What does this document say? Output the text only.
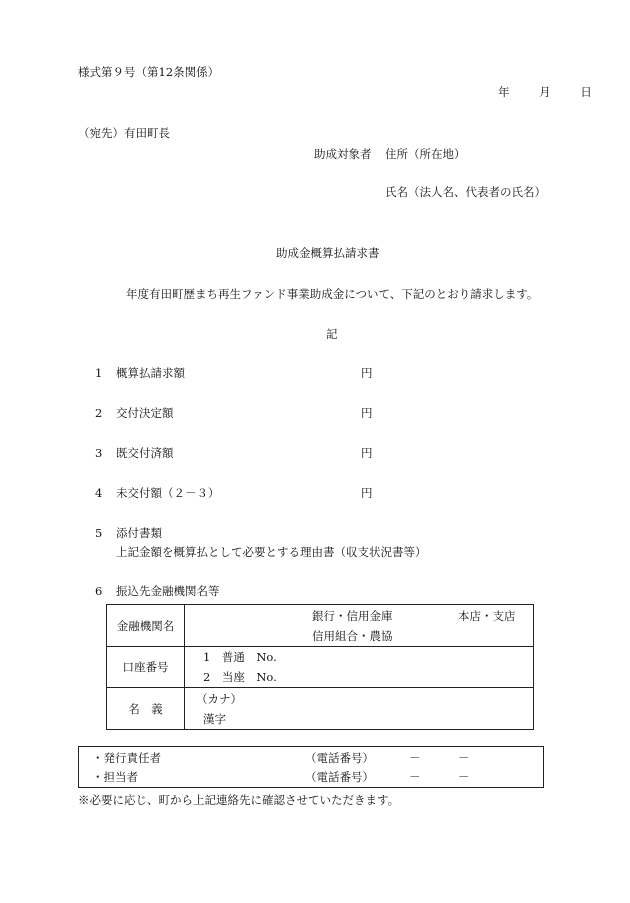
様式第９号（第12条関係）
年	月	日
（宛先）有田町長
助成対象者 住所（所在地）
氏名（法人名、代表者の氏名）
助成金概算払請求書
年度有田町歴まち再生ファンド事業助成金について、下記のとおり請求します。
記
1 概算払請求額	円
2 交付決定額	円
3 既交付済額	円
4 未交付額（２－３）	円
5 添付書類
上記金額を概算払として必要とする理由書（収支状況書等）
6 振込先金融機関名等
金融機関名	銀行・信用金庫
信用組合・農協
本店・支店

口座番号	1　普通　No.
2　当座　No.

名　義	（カナ）
漢字
・発行責任者	（電話番号）	－	－
・担当者	（電話番号）	－	－
※必要に応じ、町から上記連絡先に確認させていただきます。
